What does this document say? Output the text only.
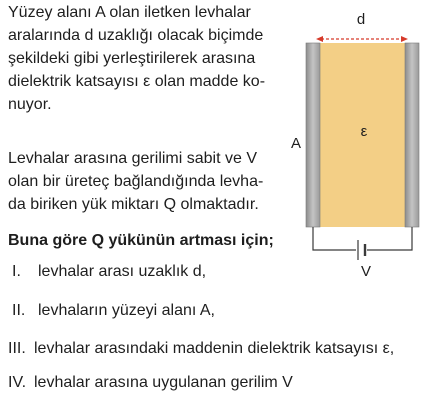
Yüzey alanı A olan iletken levhalar
aralarında d uzaklığı olacak biçimde
şekildeki gibi yerleştirilerek arasına
dielektrik katsayısı ε olan madde ko-
nuyor.

Levhalar arasına gerilimi sabit ve V
olan bir üreteç bağlandığında levha-
da biriken yük miktarı Q olmaktadır.

Buna göre Q yükünün artması için;

I. levhalar arası uzaklık d,
II. levhaların yüzeyi alanı A,
III. levhalar arasındaki maddenin dielektrik katsayısı ε,
IV. levhalar arasına uygulanan gerilim V
d
A
ε
V
